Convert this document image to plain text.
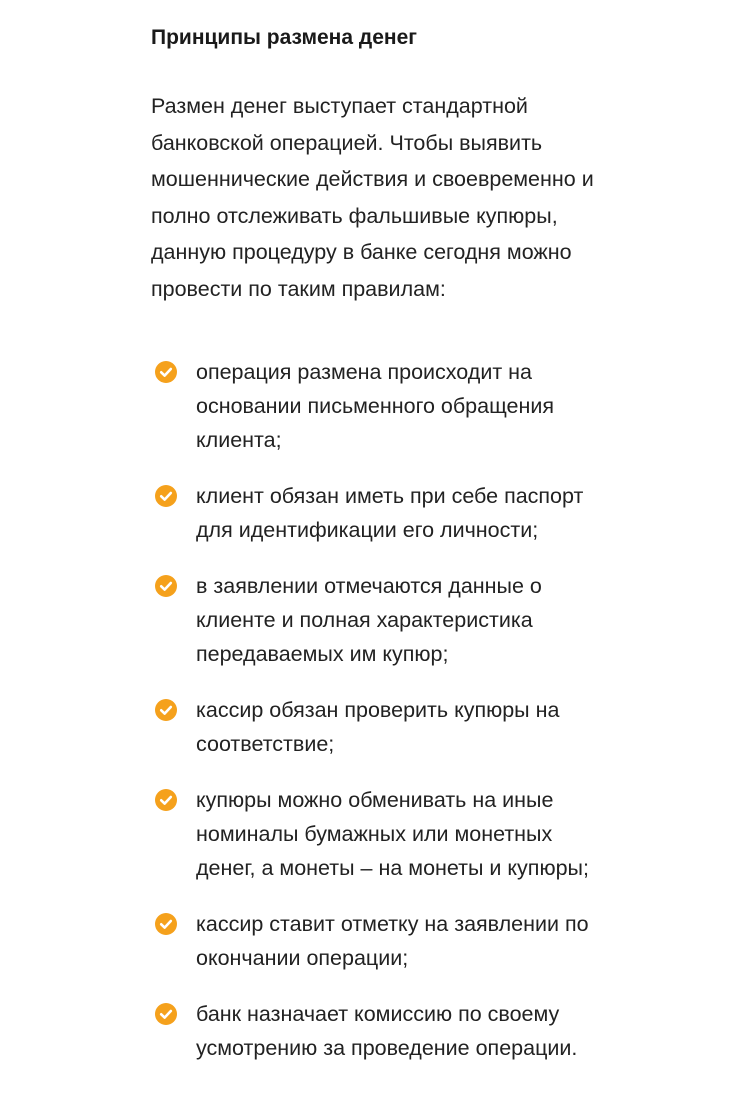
Принципы размена денег

Размен денег выступает стандартной
банковской операцией. Чтобы выявить
мошеннические действия и своевременно и
полно отслеживать фальшивые купюры,
данную процедуру в банке сегодня можно
провести по таким правилам:

операция размена происходит на
основании письменного обращения
клиента;
клиент обязан иметь при себе паспорт
для идентификации его личности;
в заявлении отмечаются данные о
клиенте и полная характеристика
передаваемых им купюр;
кассир обязан проверить купюры на
соответствие;
купюры можно обменивать на иные
номиналы бумажных или монетных
денег, а монеты – на монеты и купюры;
кассир ставит отметку на заявлении по
окончании операции;
банк назначает комиссию по своему
усмотрению за проведение операции.
